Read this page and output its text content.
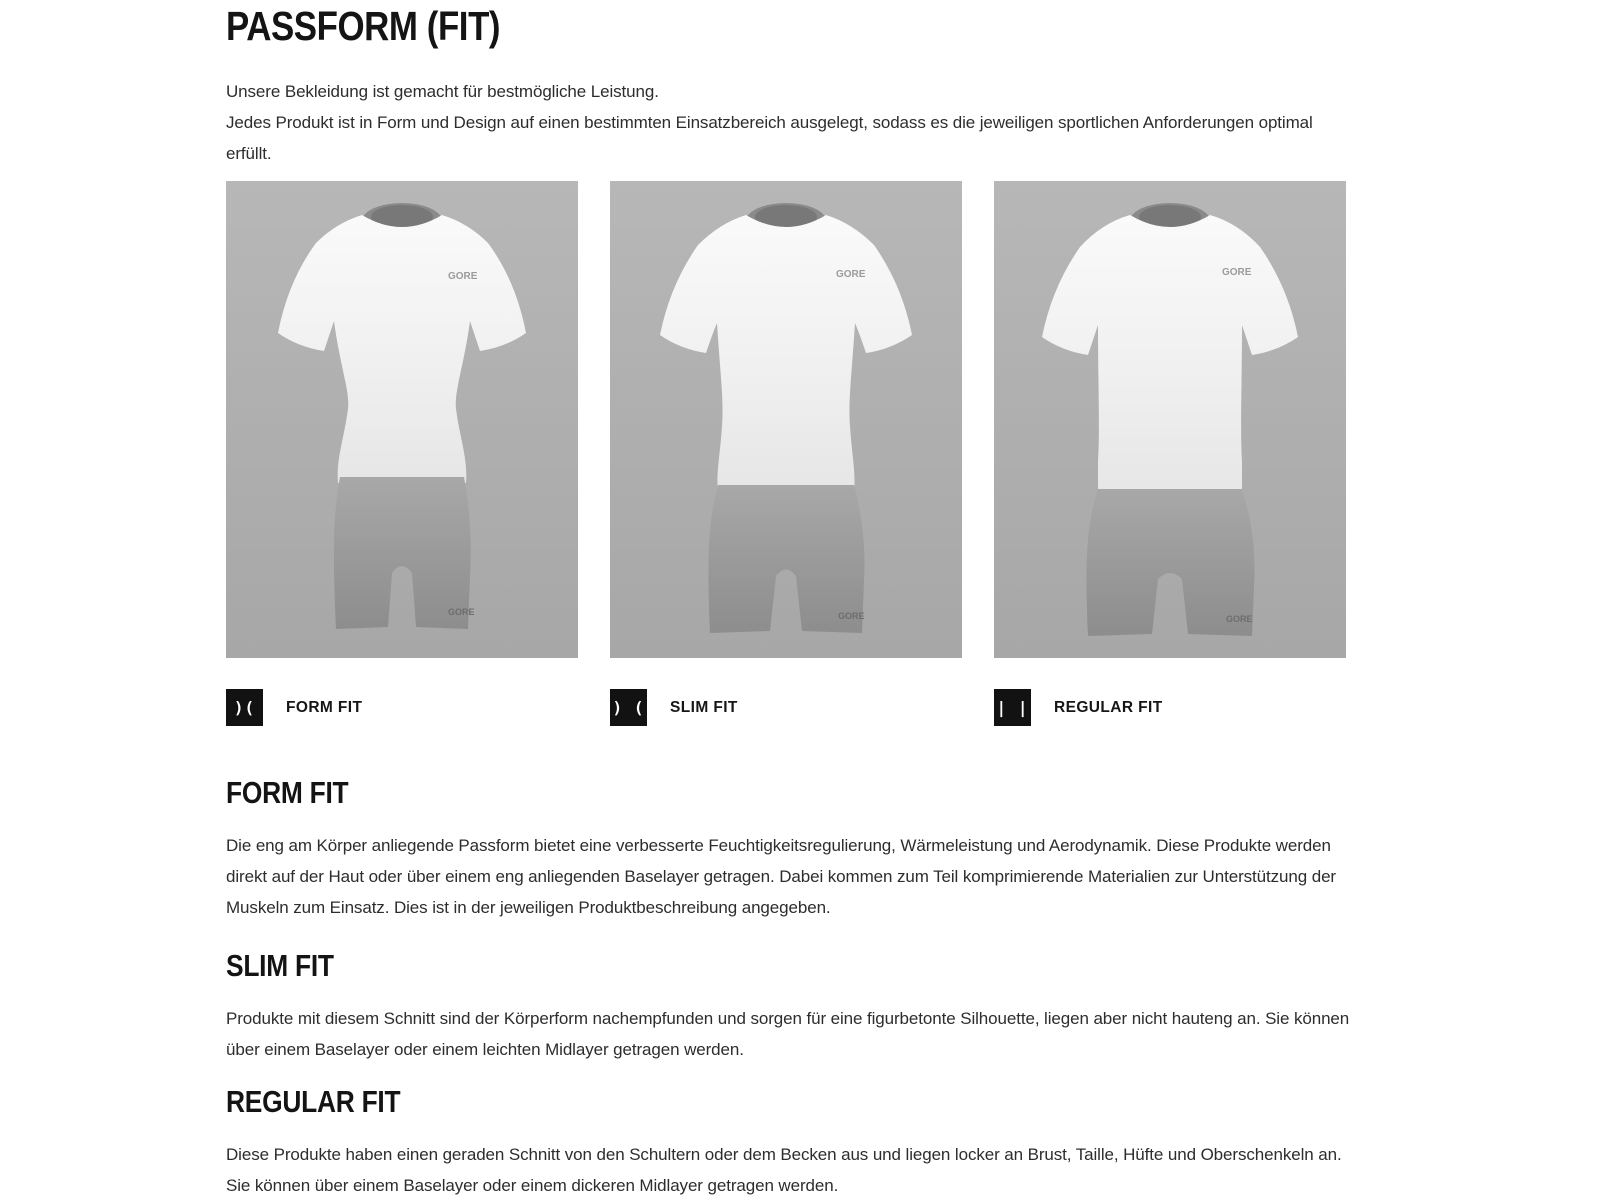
PASSFORM (FIT)

Unsere Bekleidung ist gemacht für bestmögliche Leistung.

Jedes Produkt ist in Form und Design auf einen bestimmten Einsatzbereich ausgelegt, sodass es die jeweiligen sportlichen Anforderungen optimal erfüllt.

GORE
GORE
)( FORM FIT
GORE
GORE
) ( SLIM FIT
GORE
GORE
| | REGULAR FIT
FORM FIT

Die eng am Körper anliegende Passform bietet eine verbesserte Feuchtigkeitsregulierung, Wärmeleistung und Aerodynamik. Diese Produkte werden direkt auf der Haut oder über einem eng anliegenden Baselayer getragen. Dabei kommen zum Teil komprimierende Materialien zur Unterstützung der Muskeln zum Einsatz. Dies ist in der jeweiligen Produktbeschreibung angegeben.

SLIM FIT

Produkte mit diesem Schnitt sind der Körperform nachempfunden und sorgen für eine figurbetonte Silhouette, liegen aber nicht hauteng an. Sie können über einem Baselayer oder einem leichten Midlayer getragen werden.

REGULAR FIT

Diese Produkte haben einen geraden Schnitt von den Schultern oder dem Becken aus und liegen locker an Brust, Taille, Hüfte und Oberschenkeln an. Sie können über einem Baselayer oder einem dickeren Midlayer getragen werden.
